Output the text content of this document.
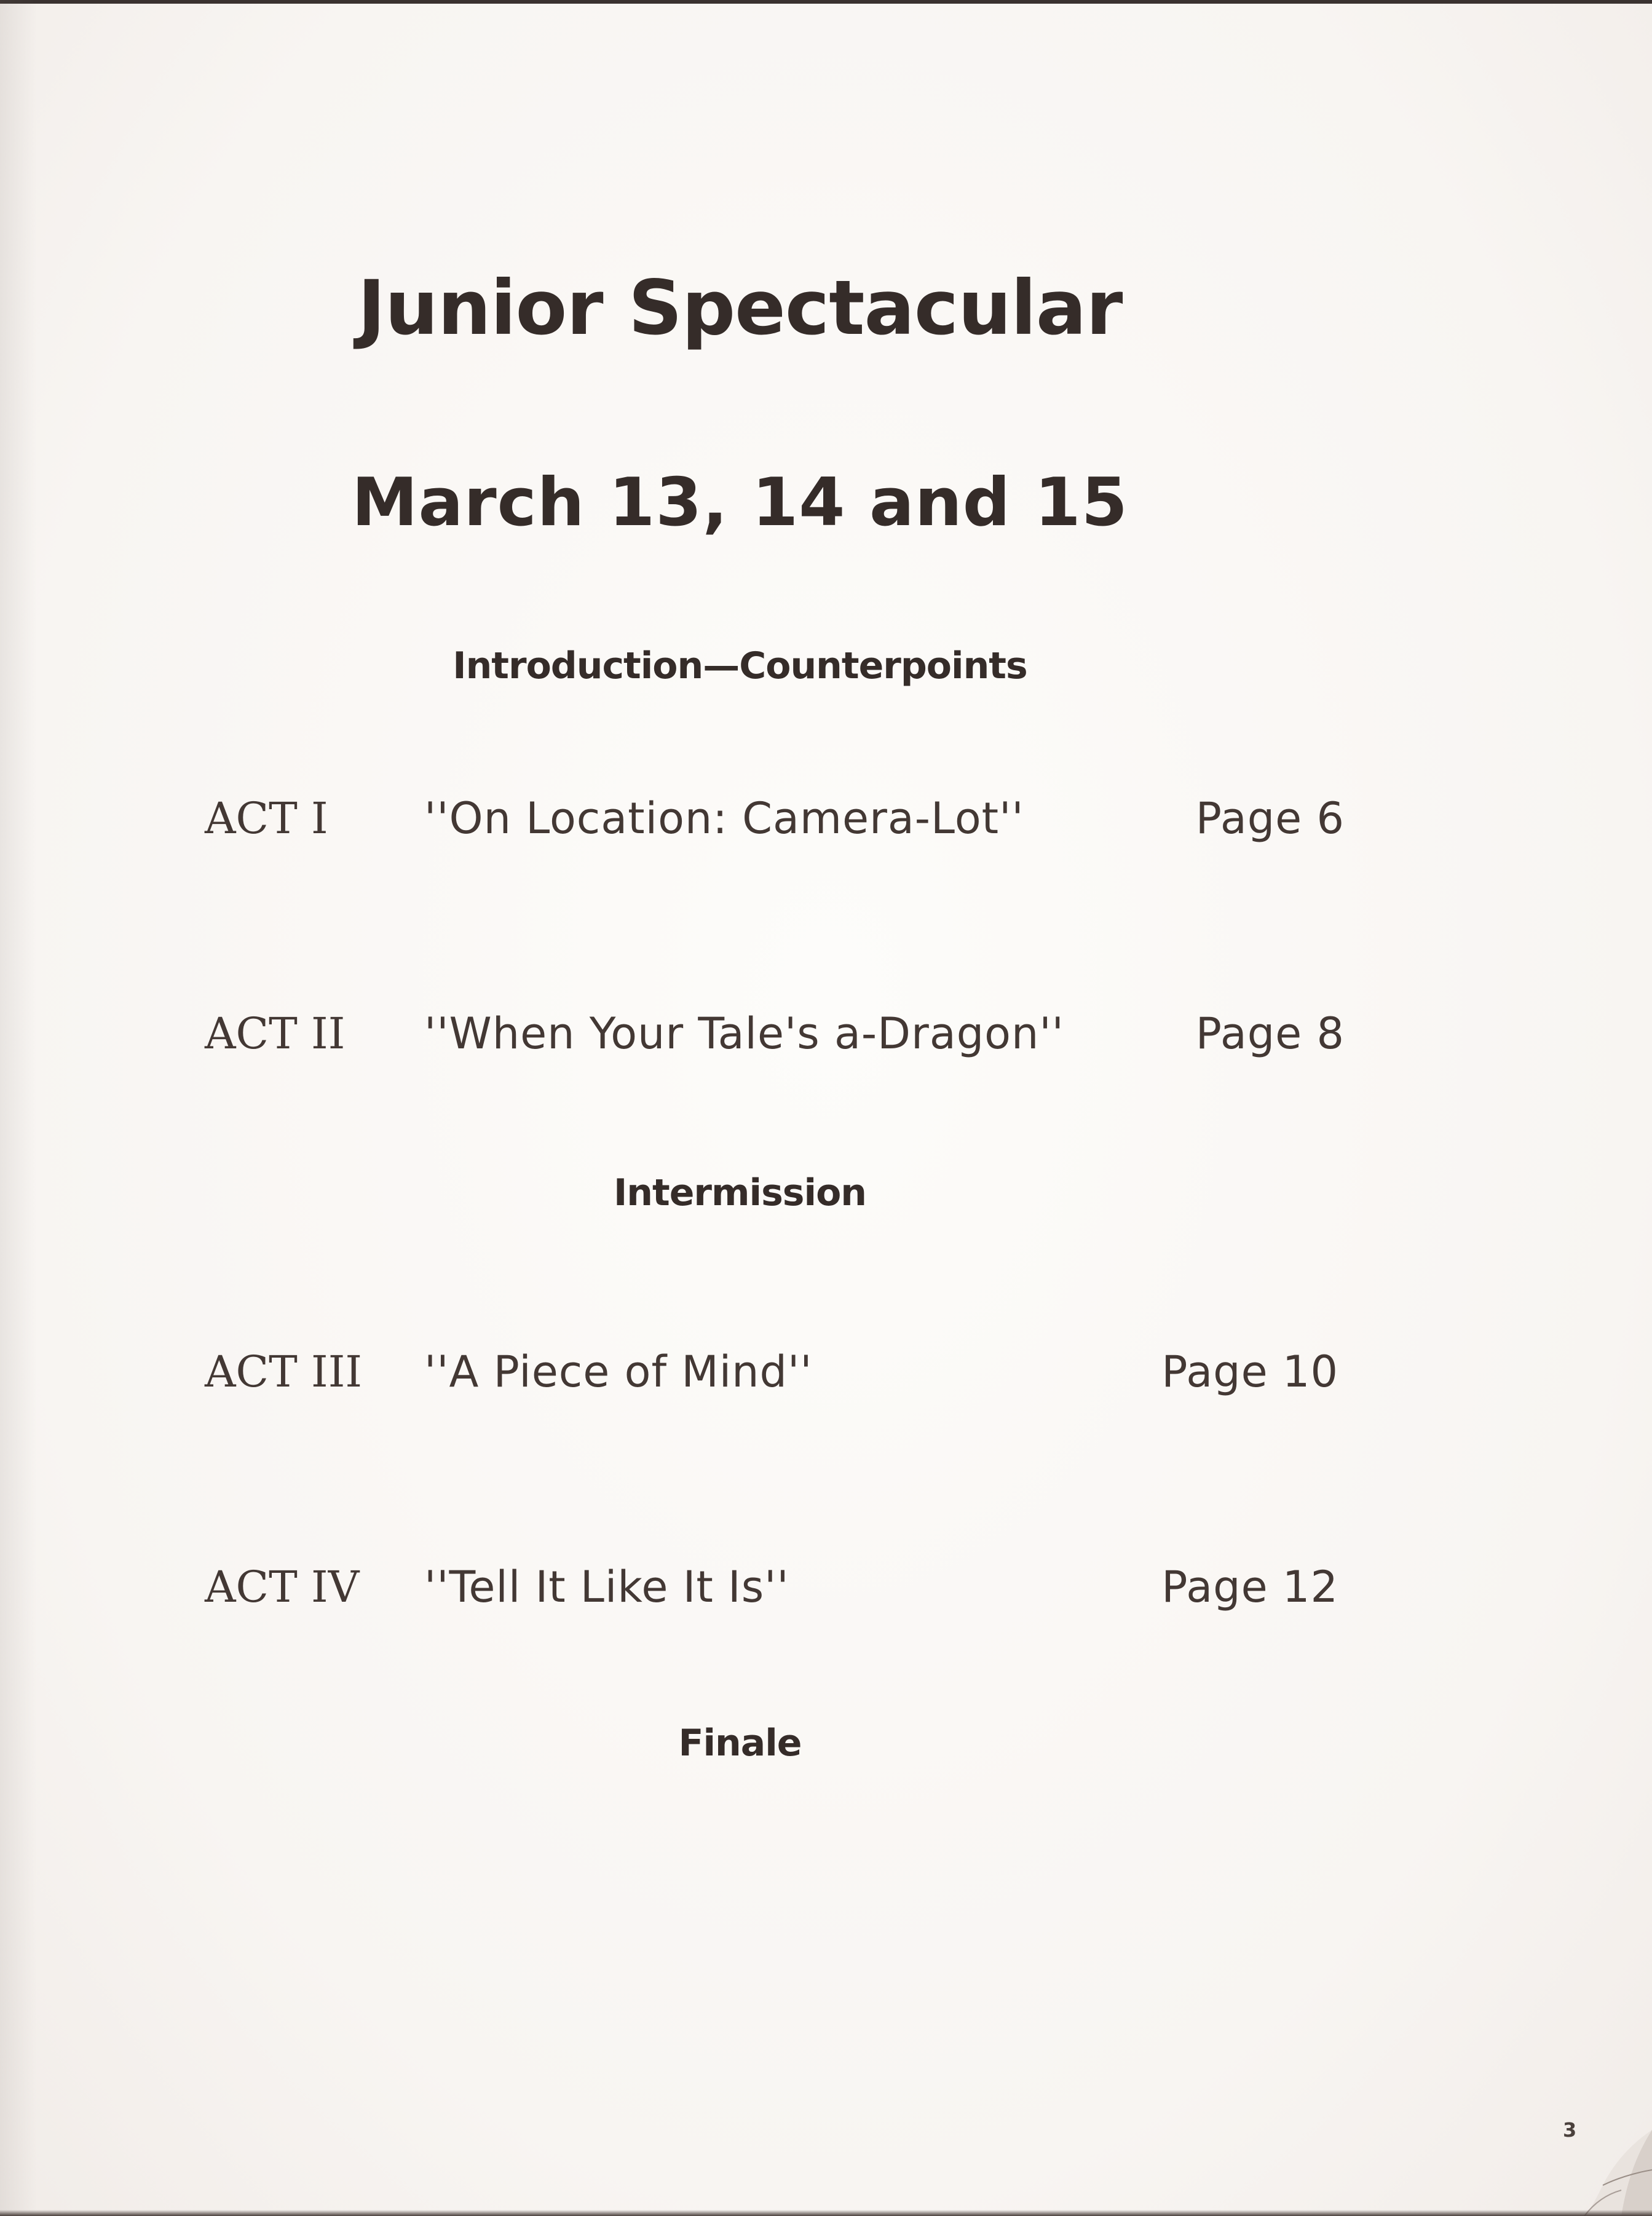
Junior Spectacular
March 13, 14 and 15
Introduction—Counterpoints
ACT I ''On Location: Camera-Lot''	Page 6
ACT II ''When Your Tale's a-Dragon''	Page 8
Intermission
ACT III ''A Piece of Mind''	Page 10
ACT IV ''Tell It Like It Is''	Page 12
Finale
3
